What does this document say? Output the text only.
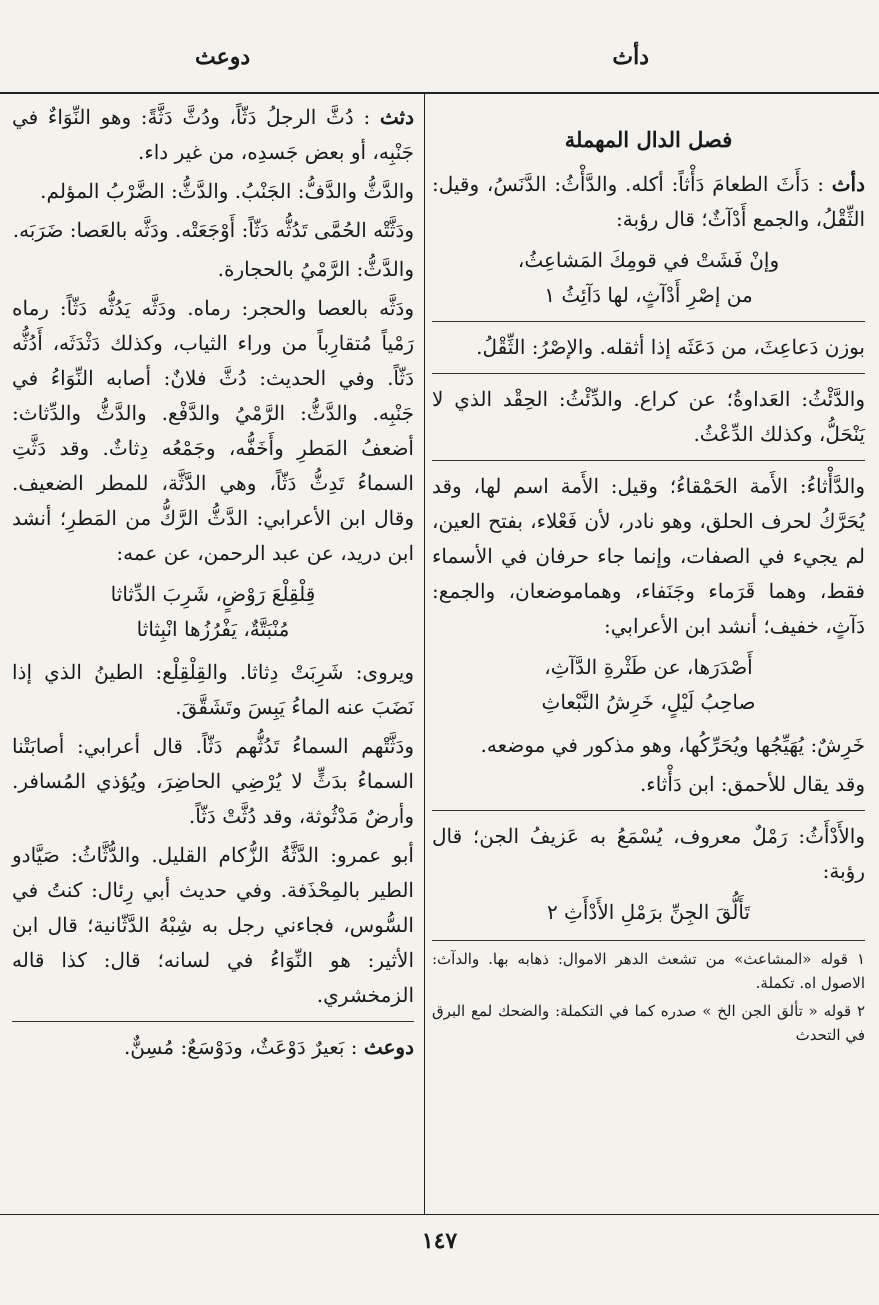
دأث
دوعث
فصل الدال المهملة

دأث : دَأَثَ الطعامَ دَأْثاً: أكله. والدَّأْثُ: الدَّنَسُ، وقيل: الثِّقْلُ، والجمع أَدْآثٌ؛ قال رؤبة:

وإنْ فَشَتْ في قومِكَ المَشاعِثُ،
من إصْرِ أَدْآثٍ، لها دَآئِثُ ١

بوزن دَعاعِثَ، من دَعَثَه إذا أثقله. والإصْرُ: الثِّقْلُ.

والدَّئْثُ: العَداوةُ؛ عن كراع. والدِّئْثُ: الحِقْد الذي لا يَنْحَلُّ، وكذلك الدِّعْثُ.

والدَّأْثاءُ: الأَمة الحَمْقاءُ؛ وقيل: الأَمة اسم لها، وقد يُحَرَّكُ لحرف الحلق، وهو نادر، لأن فَعْلاء، بفتح العين، لم يجيء في الصفات، وإنما جاء حرفان في الأسماء فقط، وهما قَرَماء وجَنَفاء، وهماموضعان، والجمع: دَآثٍ، خفيف؛ أنشد ابن الأعرابي:

أَصْدَرَها، عن طَثْرةِ الدَّآثِ،
صاحِبُ لَيْلٍ، خَرِشُ النَّبْعاثِ

خَرِشٌ: يُهَيِّجُها ويُحَرِّكُها، وهو مذكور في موضعه.

وقد يقال للأحمق: ابن دَأْثاء.

والأَدْأَثُ: رَمْلٌ معروف، يُسْمَعُ به عَزيفُ الجن؛ قال رؤبة:

تَأَلُّقَ الجِنِّ برَمْلِ الأَدْأَثِ ٢

١ قوله «المشاعث» من تشعث الدهر الاموال: ذهابه بها. والدآث: الاصول اه. تكملة.

٢ قوله « تألق الجن الخ » صدره كما في التكملة: والضحك لمع البرق في التحدث

دثث : دُثَّ الرجلُ دَثّاً، ودُثَّ دَثَّةً: وهو النِّوَاءٌ في جَنْبِه، أو بعض جَسدِه، من غير داء.

والدَّثُّ والدَّفُّ: الجَنْبُ. والدَّثُّ: الضَّرْبُ المؤلم.

ودَثَّتْه الحُمَّى تَدُثُّه دَثّاً: أَوْجَعَتْه. ودَثَّه بالعَصا: ضَرَبَه.

والدَّثُّ: الرَّمْيُ بالحجارة.

ودَثَّه بالعصا والحجر: رماه. ودَثَّه يَدُثُّه دَثّاً: رماه رَمْياً مُتقارِباً من وراء الثياب، وكذلك دَثْدَثَه، أَدُثُّه دَثّاً. وفي الحديث: دُثَّ فلانٌ: أصابه النِّوَاءُ في جَنْبِه. والدَّثُّ: الرَّمْيُ والدَّفْع. والدَّثُّ والدِّثاث: أضعفُ المَطرِ وأَخَفُّه، وجَمْعُه دِثاثٌ. وقد دَثَّتِ السماءُ تَدِثُّ دَثّاً، وهي الدَّثَّة، للمطر الضعيف. وقال ابن الأعرابي: الدَّثُّ الرَّكُّ من المَطرِ؛ أنشد ابن دريد، عن عبد الرحمن، عن عمه:

قِلْقِلْعَ رَوْضٍ، شَرِبَ الدِّثاثا
مُنْبَتَّةٌ، يَفْرُزُها انْبِثاثا

ويروى: شَرِبَتْ دِثاثا. والقِلْقِلْع: الطينُ الذي إذا نَضَبَ عنه الماءُ يَبِسَ وتَشَقَّقَ.

ودَثَّتْهم السماءُ تَدُثُّهم دَثّاً. قال أعرابي: أصابَتْنا السماءُ بدَثٍّ لا يُرْضِي الحاضِرَ، ويُؤذي المُسافر. وأرضٌ مَدْثُوثة، وقد دُثَّتْ دَثّاً.

أبو عمرو: الدَّثَّةُ الزُّكام القليل. والدُّثَّاثُ: صَيَّادو الطير بالمِحْذَفة. وفي حديث أبي رِئال: كنتُ في السُّوس، فجاءني رجل به شِبْهُ الدَّثّانية؛ قال ابن الأثير: هو النِّوَاءُ في لسانه؛ قال: كذا قاله الزمخشري.

دوعث : بَعيرٌ دَوْعَثٌ، ودَوْسَعٌ: مُسِنٌّ.

١٤٧
